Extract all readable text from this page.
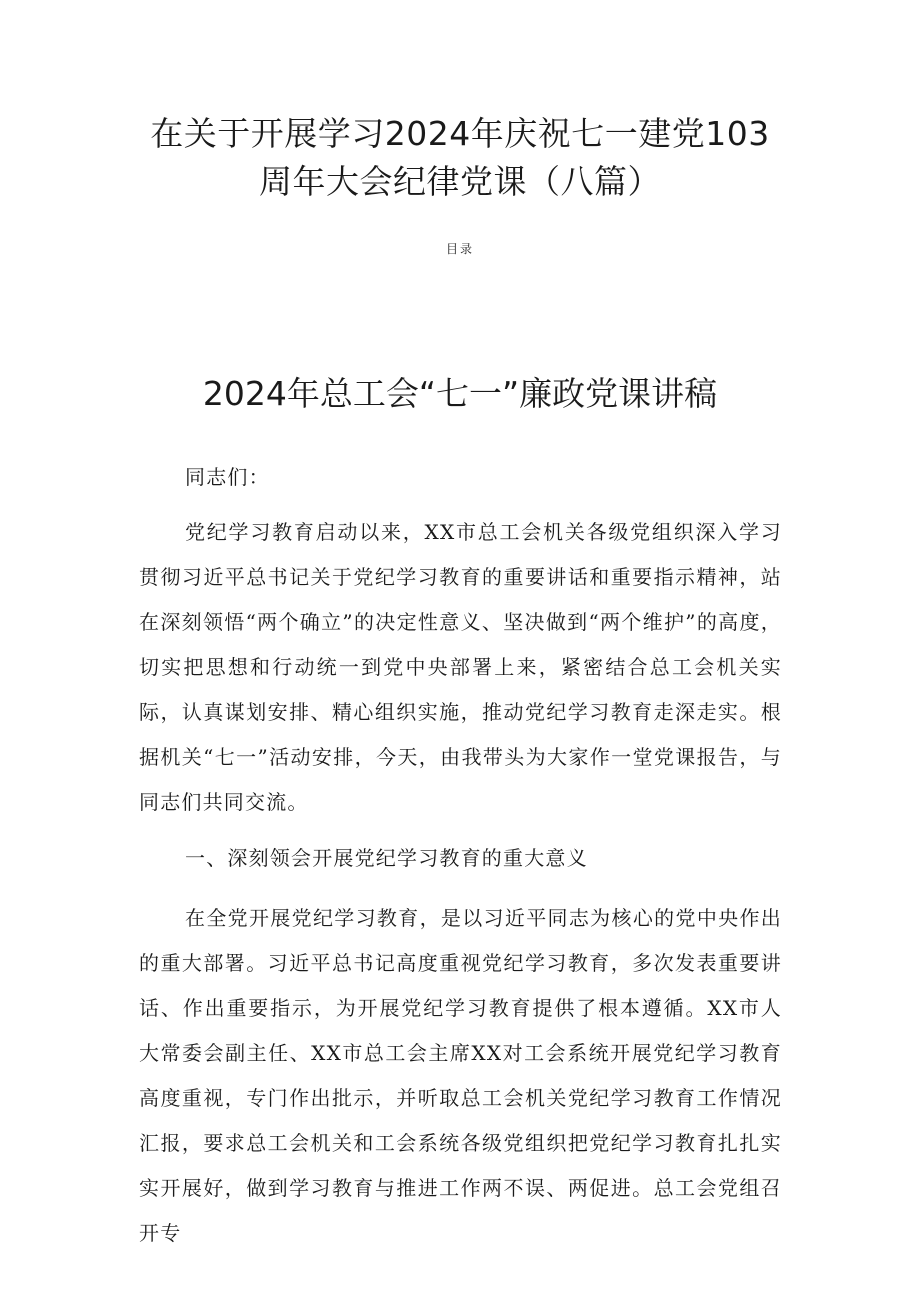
在关于开展学习2024年庆祝七一建党103
周年大会纪律党课（八篇）
目录
2024年总工会“七一”廉政党课讲稿

同志们：

党纪学习教育启动以来，XX市总工会机关各级党组织深入学习贯彻习近平总书记关于党纪学习教育的重要讲话和重要指示精神，站在深刻领悟“两个确立”的决定性意义、坚决做到“两个维护”的高度，切实把思想和行动统一到党中央部署上来，紧密结合总工会机关实际，认真谋划安排、精心组织实施，推动党纪学习教育走深走实。根据机关“七一”活动安排，今天，由我带头为大家作一堂党课报告，与同志们共同交流。

一、深刻领会开展党纪学习教育的重大意义

在全党开展党纪学习教育，是以习近平同志为核心的党中央作出的重大部署。习近平总书记高度重视党纪学习教育，多次发表重要讲话、作出重要指示，为开展党纪学习教育提供了根本遵循。XX市人大常委会副主任、XX市总工会主席XX对工会系统开展党纪学习教育高度重视，专门作出批示，并听取总工会机关党纪学习教育工作情况汇报，要求总工会机关和工会系统各级党组织把党纪学习教育扎扎实实开展好，做到学习教育与推进工作两不误、两促进。总工会党组召开专
